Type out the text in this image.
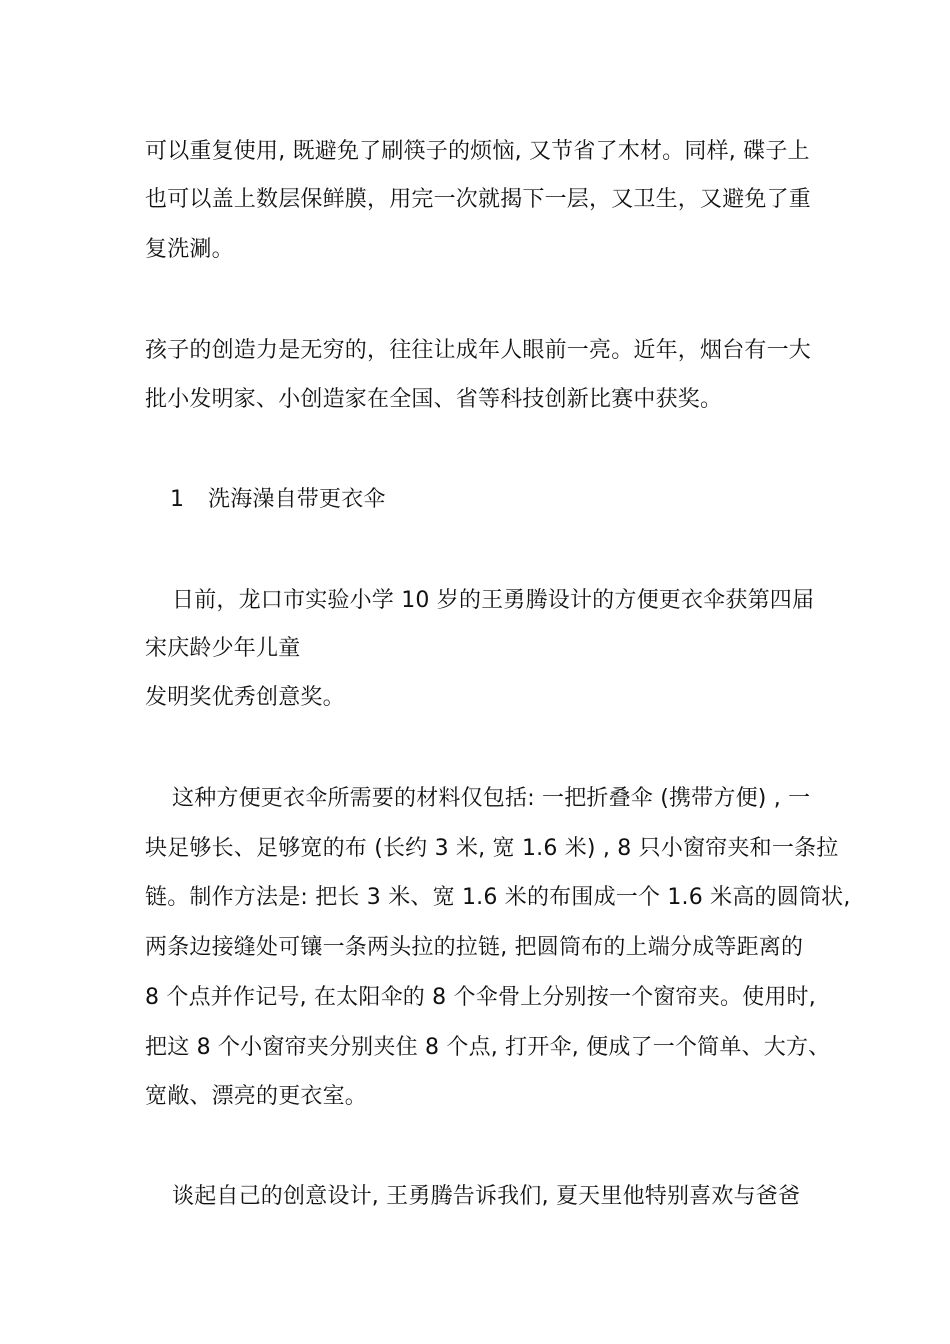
可以重复使用, 既避免了刷筷子的烦恼, 又节省了木材。同样, 碟子上
也可以盖上数层保鲜膜，用完一次就揭下一层，又卫生，又避免了重
复洗涮。
孩子的创造力是无穷的，往往让成年人眼前一亮。近年，烟台有一大
批小发明家、小创造家在全国、省等科技创新比赛中获奖。
1 洗海澡自带更衣伞
日前，龙口市实验小学 10 岁的王勇腾设计的方便更衣伞获第四届
宋庆龄少年儿童
发明奖优秀创意奖。
这种方便更衣伞所需要的材料仅包括: 一把折叠伞 (携带方便) , 一
块足够长、足够宽的布 (长约 3 米, 宽 1.6 米) , 8 只小窗帘夹和一条拉
链。制作方法是: 把长 3 米、宽 1.6 米的布围成一个 1.6 米高的圆筒状,
两条边接缝处可镶一条两头拉的拉链, 把圆筒布的上端分成等距离的
8 个点并作记号, 在太阳伞的 8 个伞骨上分别按一个窗帘夹。使用时,
把这 8 个小窗帘夹分别夹住 8 个点, 打开伞, 便成了一个简单、大方、
宽敞、漂亮的更衣室。
谈起自己的创意设计, 王勇腾告诉我们, 夏天里他特别喜欢与爸爸
